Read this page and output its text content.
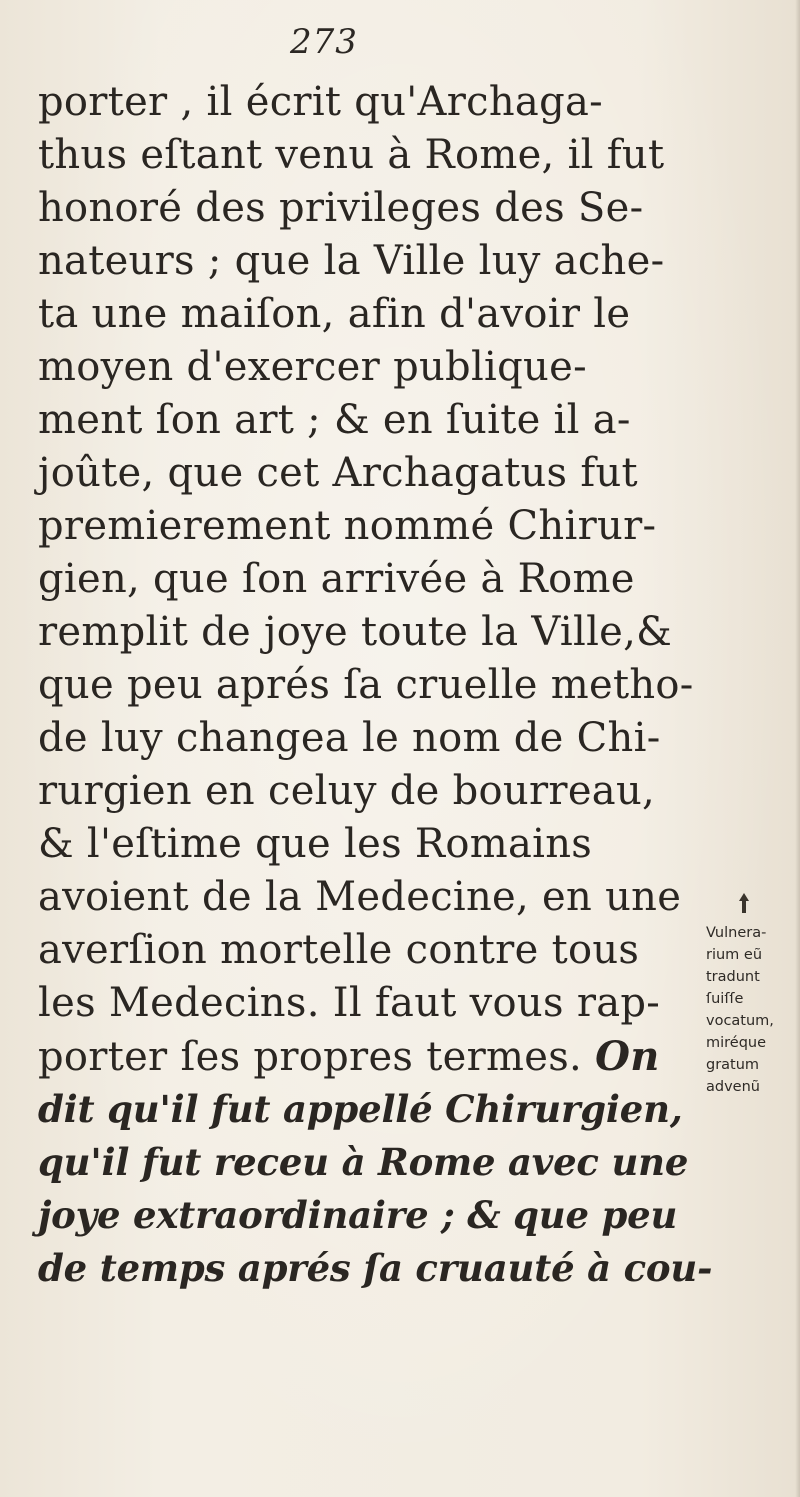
273
porter , il écrit qu'Archaga-
thus eſtant venu à Rome, il fut
honoré des privileges des Se-
nateurs ; que la Ville luy ache-
ta une maiſon, afin d'avoir le
moyen d'exercer publique-
ment ſon art ; & en ſuite il a-
joûte, que cet Archagatus fut
premierement nommé Chirur-
gien, que ſon arrivée à Rome
remplit de joye toute la Ville,&
que peu aprés ſa cruelle metho-
de luy changea le nom de Chi-
rurgien en celuy de bourreau,
& l'eſtime que les Romains
avoient de la Medecine, en une
averſion mortelle contre tous
les Medecins. Il faut vous rap-
porter ſes propres termes. On
dit qu'il fut appellé Chirurgien,
qu'il fut receu à Rome avec une
joye extraordinaire ; & que peu
de temps aprés ſa cruauté à cou-
Vulnera-
rium eũ
tradunt
ſuiſſe
vocatum,
miréque
gratum
advenũ
